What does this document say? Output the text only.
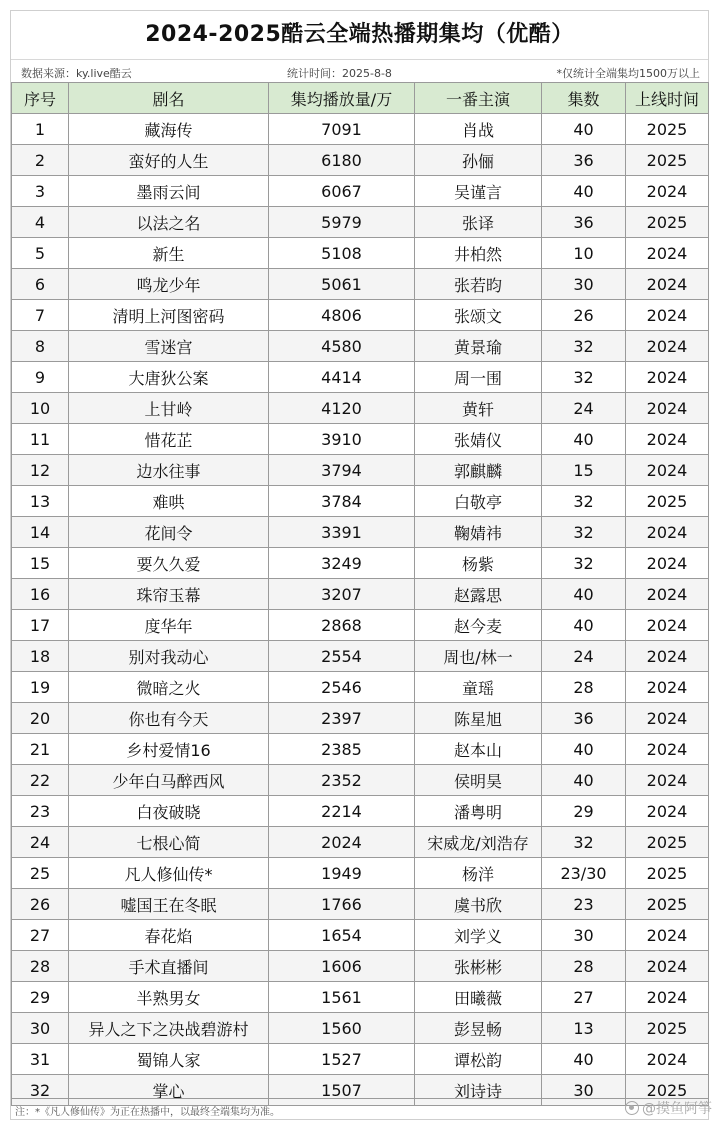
2024-2025酷云全端热播期集均（优酷）
数据来源：ky.live酷云	统计时间：2025-8-8	*仅统计全端集均1500万以上
序号	剧名	集均播放量/万	一番主演	集数	上线时间
1	藏海传	7091	肖战	40	2025
2	蛮好的人生	6180	孙俪	36	2025
3	墨雨云间	6067	吴谨言	40	2024
4	以法之名	5979	张译	36	2025
5	新生	5108	井柏然	10	2024
6	鸣龙少年	5061	张若昀	30	2024
7	清明上河图密码	4806	张颂文	26	2024
8	雪迷宫	4580	黄景瑜	32	2024
9	大唐狄公案	4414	周一围	32	2024
10	上甘岭	4120	黄轩	24	2024
11	惜花芷	3910	张婧仪	40	2024
12	边水往事	3794	郭麒麟	15	2024
13	难哄	3784	白敬亭	32	2025
14	花间令	3391	鞠婧祎	32	2024
15	要久久爱	3249	杨紫	32	2024
16	珠帘玉幕	3207	赵露思	40	2024
17	度华年	2868	赵今麦	40	2024
18	别对我动心	2554	周也/林一	24	2024
19	微暗之火	2546	童瑶	28	2024
20	你也有今天	2397	陈星旭	36	2024
21	乡村爱情16	2385	赵本山	40	2024
22	少年白马醉西风	2352	侯明昊	40	2024
23	白夜破晓	2214	潘粤明	29	2024
24	七根心简	2024	宋威龙/刘浩存	32	2025
25	凡人修仙传*	1949	杨洋	23/30	2025
26	嘘国王在冬眠	1766	虞书欣	23	2025
27	春花焰	1654	刘学义	30	2024
28	手术直播间	1606	张彬彬	28	2024
29	半熟男女	1561	田曦薇	27	2024
30	异人之下之决战碧游村	1560	彭昱畅	13	2025
31	蜀锦人家	1527	谭松韵	40	2024
32	掌心	1507	刘诗诗	30	2025
注：*《凡人修仙传》为正在热播中，以最终全端集均为准。	@摸鱼阿筝
